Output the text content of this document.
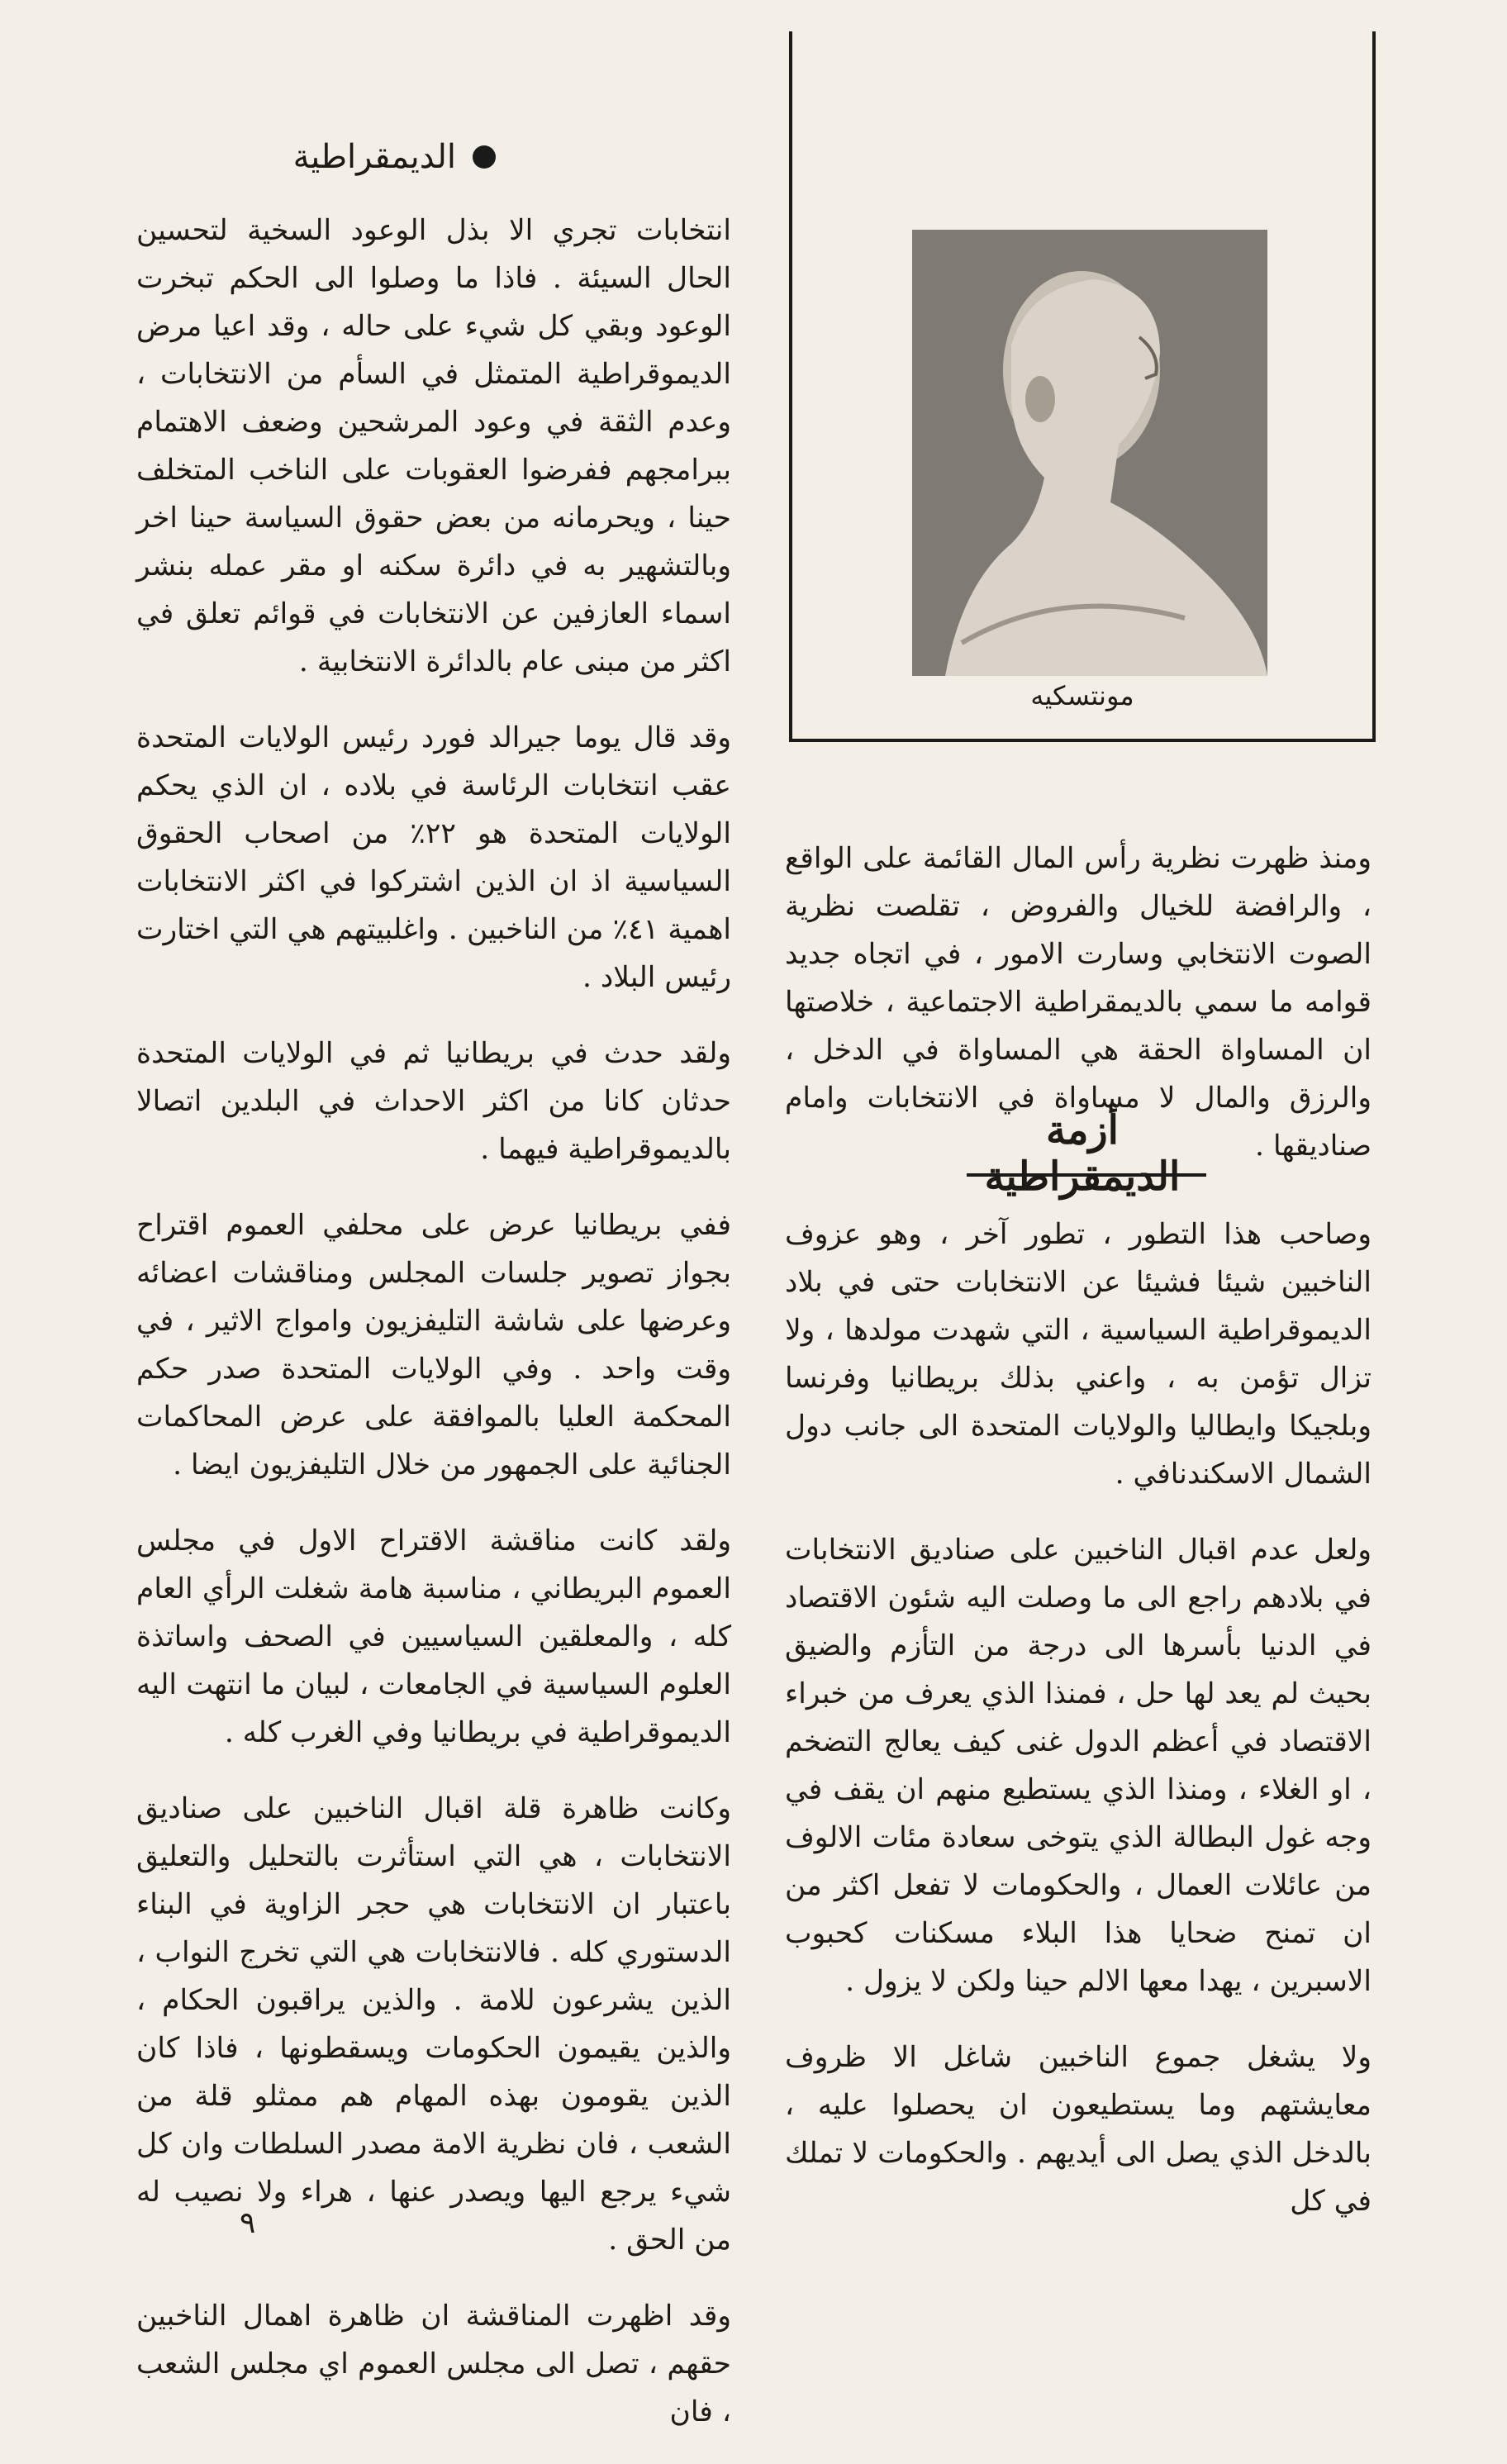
الديمقراطية

انتخابات تجري الا بذل الوعود السخية لتحسين الحال السيئة . فاذا ما وصلوا الى الحكم تبخرت الوعود وبقي كل شيء على حاله ، وقد اعيا مرض الديموقراطية المتمثل في السأم من الانتخابات ، وعدم الثقة في وعود المرشحين وضعف الاهتمام ببرامجهم ففرضوا العقوبات على الناخب المتخلف حينا ، ويحرمانه من بعض حقوق السياسة حينا اخر وبالتشهير به في دائرة سكنه او مقر عمله بنشر اسماء العازفين عن الانتخابات في قوائم تعلق في اكثر من مبنى عام بالدائرة الانتخابية .

وقد قال يوما جيرالد فورد رئيس الولايات المتحدة عقب انتخابات الرئاسة في بلاده ، ان الذي يحكم الولايات المتحدة هو ٢٢٪ من اصحاب الحقوق السياسية اذ ان الذين اشتركوا في اكثر الانتخابات اهمية ٤١٪ من الناخبين . واغلبيتهم هي التي اختارت رئيس البلاد .

ولقد حدث في بريطانيا ثم في الولايات المتحدة حدثان كانا من اكثر الاحداث في البلدين اتصالا بالديموقراطية فيهما .

ففي بريطانيا عرض على محلفي العموم اقتراح بجواز تصوير جلسات المجلس ومناقشات اعضائه وعرضها على شاشة التليفزيون وامواج الاثير ، في وقت واحد . وفي الولايات المتحدة صدر حكم المحكمة العليا بالموافقة على عرض المحاكمات الجنائية على الجمهور من خلال التليفزيون ايضا .

ولقد كانت مناقشة الاقتراح الاول في مجلس العموم البريطاني ، مناسبة هامة شغلت الرأي العام كله ، والمعلقين السياسيين في الصحف واساتذة العلوم السياسية في الجامعات ، لبيان ما انتهت اليه الديموقراطية في بريطانيا وفي الغرب كله .

وكانت ظاهرة قلة اقبال الناخبين على صناديق الانتخابات ، هي التي استأثرت بالتحليل والتعليق باعتبار ان الانتخابات هي حجر الزاوية في البناء الدستوري كله . فالانتخابات هي التي تخرج النواب ، الذين يشرعون للامة . والذين يراقبون الحكام ، والذين يقيمون الحكومات ويسقطونها ، فاذا كان الذين يقومون بهذه المهام هم ممثلو قلة من الشعب ، فان نظرية الامة مصدر السلطات وان كل شيء يرجع اليها ويصدر عنها ، هراء ولا نصيب له من الحق .

وقد اظهرت المناقشة ان ظاهرة اهمال الناخبين حقهم ، تصل الى مجلس العموم اي مجلس الشعب ، فان

مونتسكيه

ومنذ ظهرت نظرية رأس المال القائمة على الواقع ، والرافضة للخيال والفروض ، تقلصت نظرية الصوت الانتخابي وسارت الامور ، في اتجاه جديد قوامه ما سمي بالديمقراطية الاجتماعية ، خلاصتها ان المساواة الحقة هي المساواة في الدخل ، والرزق والمال لا مساواة في الانتخابات وامام صناديقها .

أزمة الديمقراطية

وصاحب هذا التطور ، تطور آخر ، وهو عزوف الناخبين شيئا فشيئا عن الانتخابات حتى في بلاد الديموقراطية السياسية ، التي شهدت مولدها ، ولا تزال تؤمن به ، واعني بذلك بريطانيا وفرنسا وبلجيكا وايطاليا والولايات المتحدة الى جانب دول الشمال الاسكندنافي .

ولعل عدم اقبال الناخبين على صناديق الانتخابات في بلادهم راجع الى ما وصلت اليه شئون الاقتصاد في الدنيا بأسرها الى درجة من التأزم والضيق بحيث لم يعد لها حل ، فمنذا الذي يعرف من خبراء الاقتصاد في أعظم الدول غنى كيف يعالج التضخم ، او الغلاء ، ومنذا الذي يستطيع منهم ان يقف في وجه غول البطالة الذي يتوخى سعادة مئات الالوف من عائلات العمال ، والحكومات لا تفعل اكثر من ان تمنح ضحايا هذا البلاء مسكنات كحبوب الاسبرين ، يهدا معها الالم حينا ولكن لا يزول .

ولا يشغل جموع الناخبين شاغل الا ظروف معايشتهم وما يستطيعون ان يحصلوا عليه ، بالدخل الذي يصل الى أيديهم . والحكومات لا تملك في كل

٩
